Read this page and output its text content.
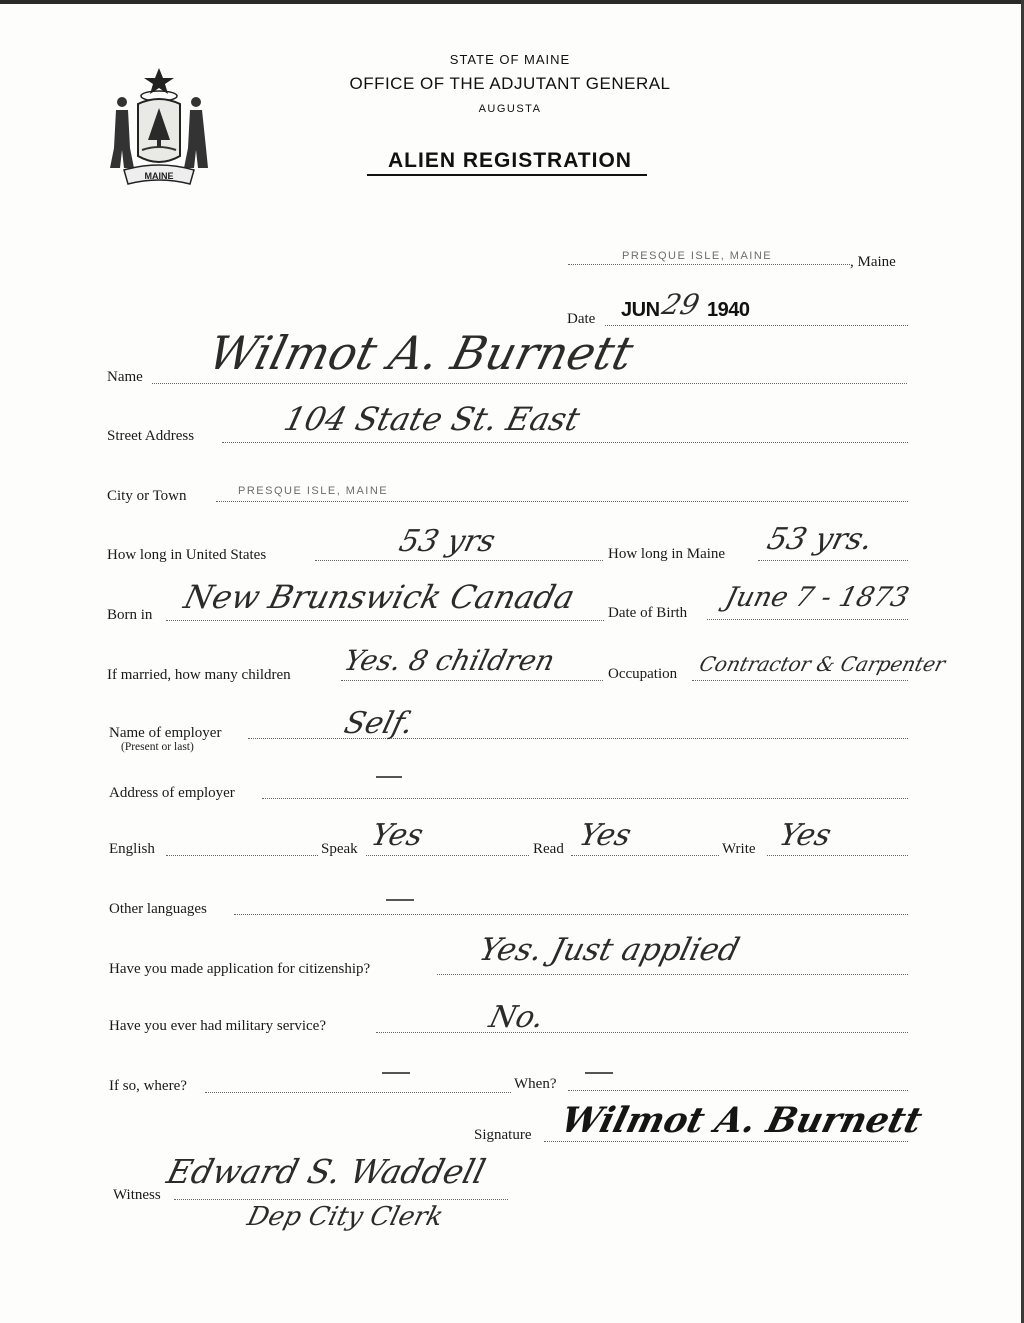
MAINE
STATE OF MAINE
OFFICE OF THE ADJUTANT GENERAL
AUGUSTA
ALIEN REGISTRATION
PRESQUE ISLE, MAINE	, Maine
Date JUN 29 1940
Name Wilmot A. Burnett
Street Address	104 State St. East
City or Town	PRESQUE ISLE, MAINE
How long in United States	53 yrs	How long in Maine 53 yrs.
Born in New Brunswick Canada Date of Birth June 7 - 1873
If married, how many children Yes. 8 children	Occupation Contractor & Carpenter
Name of employer
(Present or last)
Self.
Address of employer
English	Speak Yes	Read Yes	Write Yes
Other languages
Have you made application for citizenship?
Yes. Just applied
Have you ever had military service?	No.
If so, where?	When?
Signature Wilmot A. Burnett
Witness
Edward S. Waddell
Dep City Clerk
